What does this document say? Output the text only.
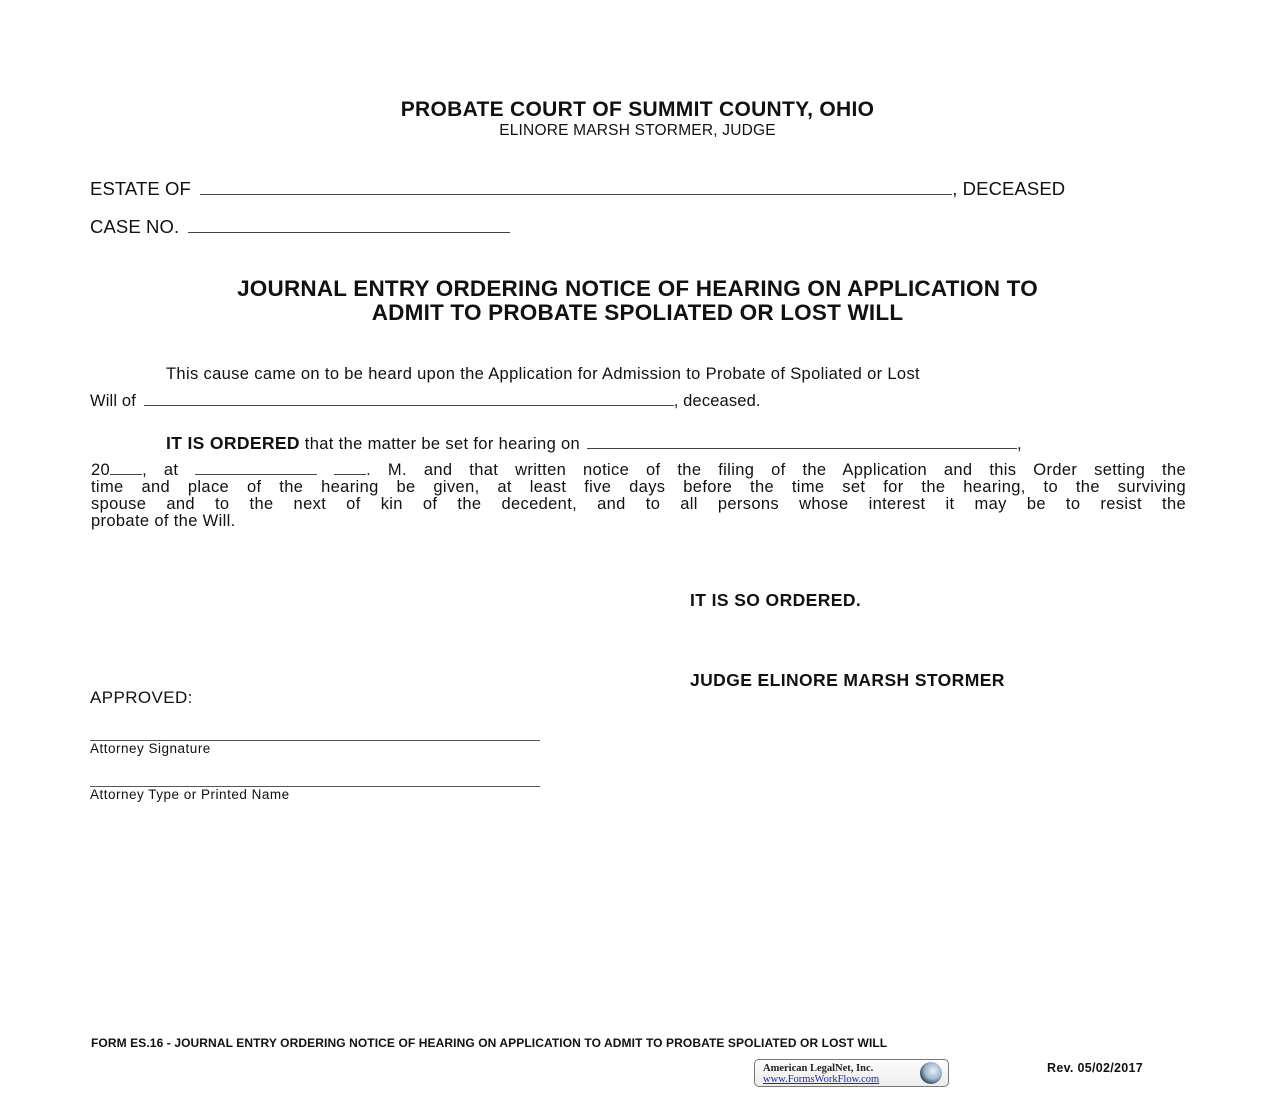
PROBATE COURT OF SUMMIT COUNTY, OHIO
ELINORE MARSH STORMER, JUDGE
ESTATE OF	, DECEASED
CASE NO.
JOURNAL ENTRY ORDERING NOTICE OF HEARING ON APPLICATION TO
ADMIT TO PROBATE SPOLIATED OR LOST WILL
This cause came on to be heard upon the Application for Admission to Probate of Spoliated or Lost
Will of	, deceased.
IT IS ORDERED that the matter be set for hearing on	,
20 , at	. M. and that written notice of the filing of the Application and this Order setting the
time and place of the hearing be given, at least five days before the time set for the hearing, to the surviving
spouse and to the next of kin of the decedent, and to all persons whose interest it may be to resist the
probate of the Will.
IT IS SO ORDERED.
JUDGE ELINORE MARSH STORMER
APPROVED:
Attorney Signature
Attorney Type or Printed Name
FORM ES.16 - JOURNAL ENTRY ORDERING NOTICE OF HEARING ON APPLICATION TO ADMIT TO PROBATE SPOLIATED OR LOST WILL
American LegalNet, Inc.
www.FormsWorkFlow.com
Rev. 05/02/2017
